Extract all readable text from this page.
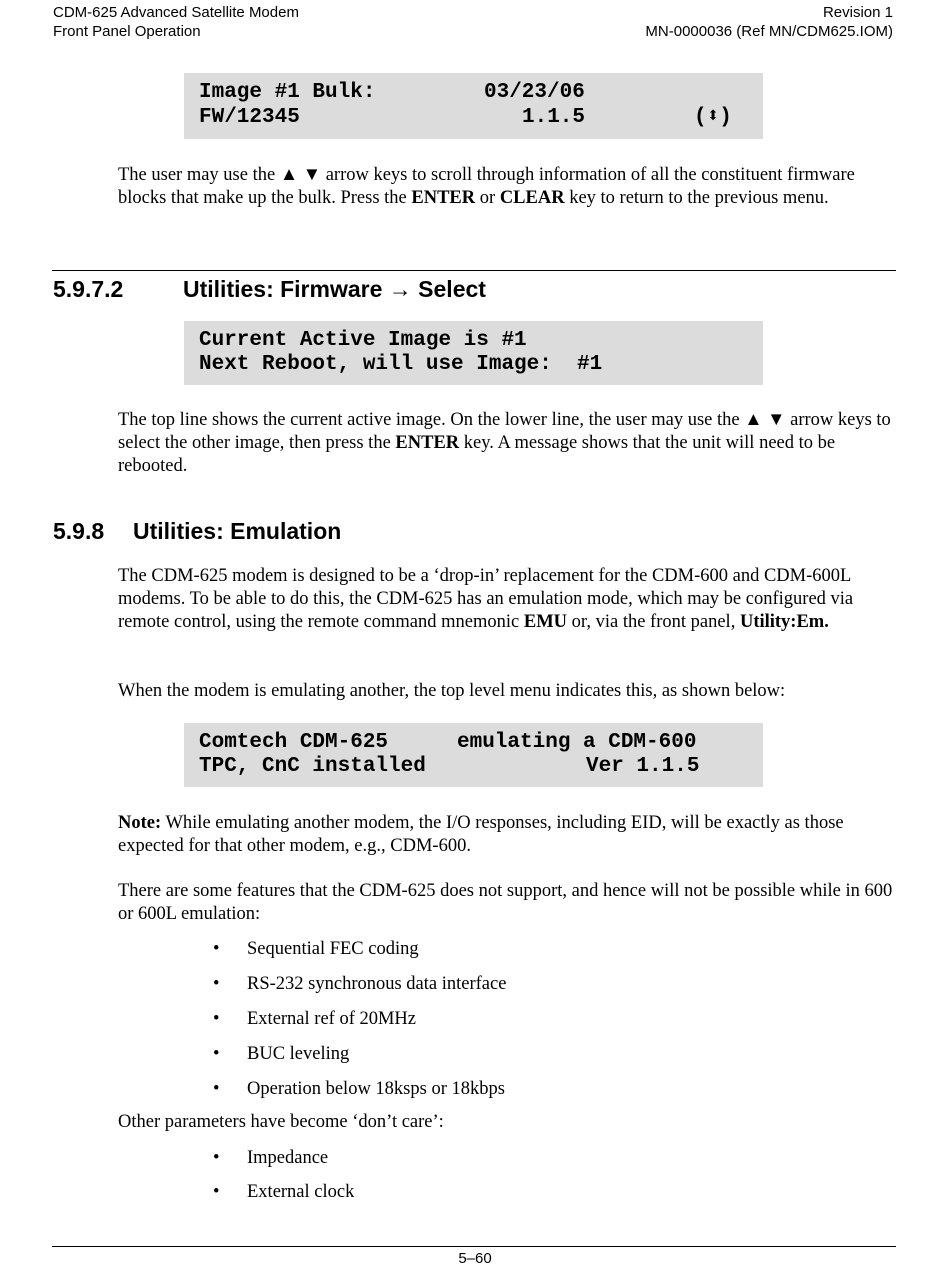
CDM-625 Advanced Satellite Modem
Front Panel Operation
Revision 1
MN-0000036 (Ref MN/CDM625.IOM)
Image #1 Bulk:	03/23/06
FW/12345	1.1.5	(⬍)

The user may use the ▲ ▼ arrow keys to scroll through information of all the constituent firmware blocks that make up the bulk. Press the ENTER or CLEAR key to return to the previous menu.

5.9.7.2	Utilities: Firmware → Select
Current Active Image is #1
Next Reboot, will use Image:  #1

The top line shows the current active image. On the lower line, the user may use the ▲ ▼ arrow keys to select the other image, then press the ENTER key. A message shows that the unit will need to be rebooted.

5.9.8 Utilities: Emulation

The CDM-625 modem is designed to be a ‘drop-in’ replacement for the CDM-600 and CDM-600L modems. To be able to do this, the CDM-625 has an emulation mode, which may be configured via remote control, using the remote command mnemonic EMU or, via the front panel, Utility:Em.

When the modem is emulating another, the top level menu indicates this, as shown below:

Comtech CDM-625	emulating a CDM-600
TPC, CnC installed	Ver 1.1.5

Note: While emulating another modem, the I/O responses, including EID, will be exactly as those expected for that other modem, e.g., CDM-600.

There are some features that the CDM-625 does not support, and hence will not be possible while in 600 or 600L emulation:

• Sequential FEC coding
• RS-232 synchronous data interface
• External ref of 20MHz
• BUC leveling
• Operation below 18ksps or 18kbps

Other parameters have become ‘don’t care’:

• Impedance
• External clock
5–60
